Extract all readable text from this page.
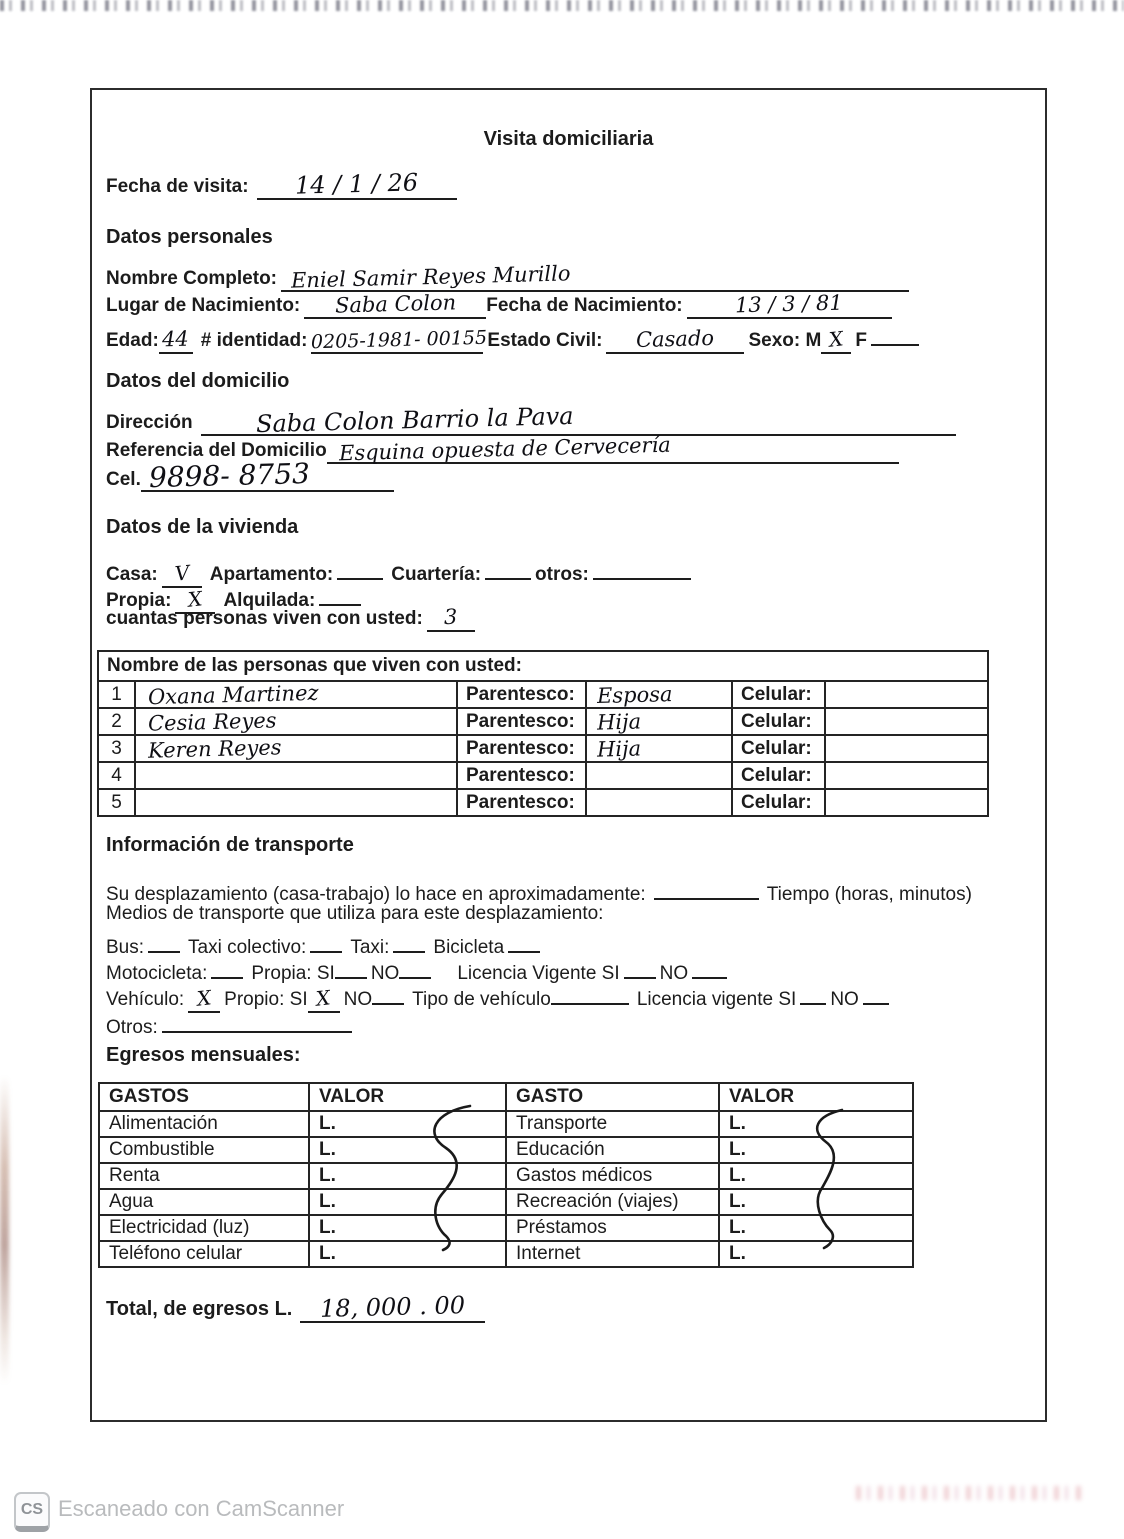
Visita domiciliaria
Fecha de visita:	14 / 1 / 26
Datos personales
Nombre Completo: Eniel Samir Reyes Murillo
Lugar de Nacimiento:	Saba Colon	Fecha de Nacimiento:	13 / 3 / 81
Edad: 44 # identidad: 0205-1981- 00155 Estado Civil:	Casado	Sexo: M X F
Datos del domicilio
Dirección	Saba Colon Barrio la Pava
Referencia del Domicilio Esquina opuesta de Cervecería
Cel. 9898- 8753
Datos de la vivienda
Casa: V	Apartamento:	Cuartería:	otros:
Propia: X	Alquilada:
cuantas personas viven con usted:	3
Nombre de las personas que viven con usted:
1	Oxana Martinez	Parentesco:	Esposa	Celular:
2	Cesia Reyes	Parentesco:	Hija	Celular:
3	Keren Reyes	Parentesco:	Hija	Celular:
4	Parentesco:	Celular:
5	Parentesco:	Celular:
Información de transporte
Su desplazamiento (casa-trabajo) lo hace en aproximadamente:	Tiempo (horas, minutos)
Medios de transporte que utiliza para este desplazamiento:
Bus: Taxi colectivo: Taxi: Bicicleta
Motocicleta: Propia: SI NO	Licencia Vigente SI NO
Vehículo: X Propio: SI X NO Tipo de vehículo	Licencia vigente SI NO
Otros:
Egresos mensuales:
GASTOS	VALOR	GASTO	VALOR
Alimentación	L.	Transporte	L.
Combustible	L.	Educación	L.
Renta	L.	Gastos médicos	L.
Agua	L.	Recreación (viajes)	L.
Electricidad (luz)	L.	Préstamos	L.
Teléfono celular	L.	Internet	L.
Total, de egresos L.	18, 000 . 00
CS Escaneado con CamScanner
